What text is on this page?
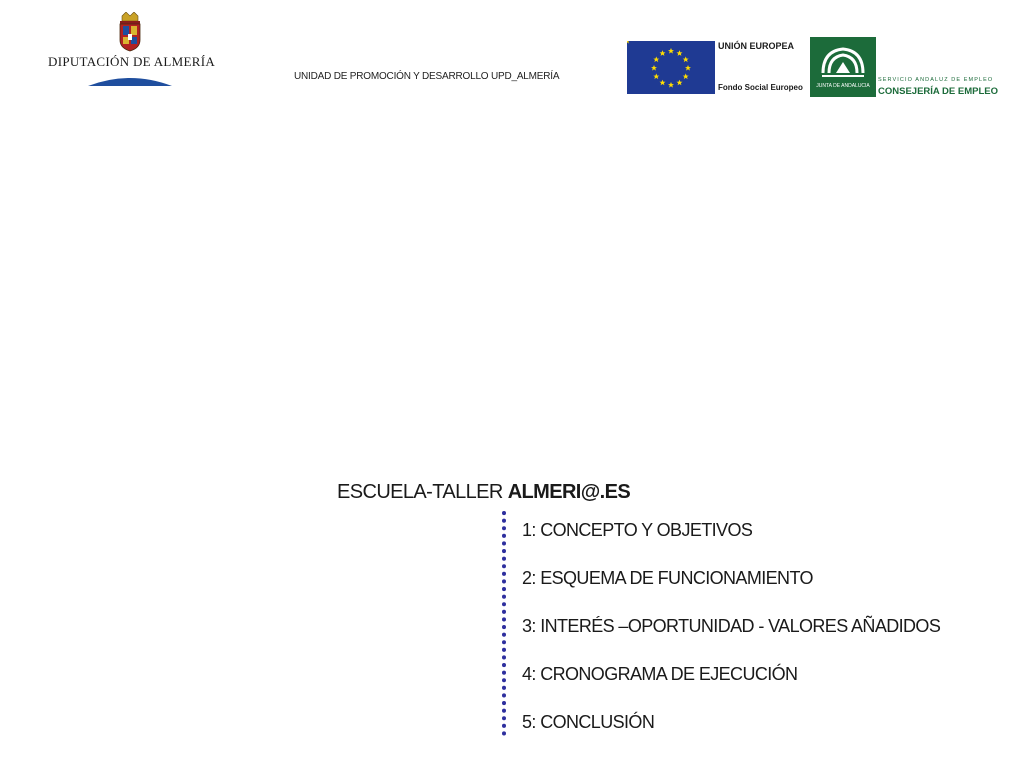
DIPUTACIÓN DE ALMERÍA
UNIDAD DE PROMOCIÓN Y DESARROLLO UPD_ALMERÍA
UNIÓN EUROPEA
Fondo Social Europeo	JUNTA DE ANDALUCIA
SERVICIO ANDALUZ DE EMPLEO
CONSEJERÍA DE EMPLEO
ESCUELA-TALLER ALMERI@.ES
1: CONCEPTO Y OBJETIVOS
2: ESQUEMA DE FUNCIONAMIENTO
3: INTERÉS –OPORTUNIDAD - VALORES AÑADIDOS
4: CRONOGRAMA DE EJECUCIÓN
5: CONCLUSIÓN
